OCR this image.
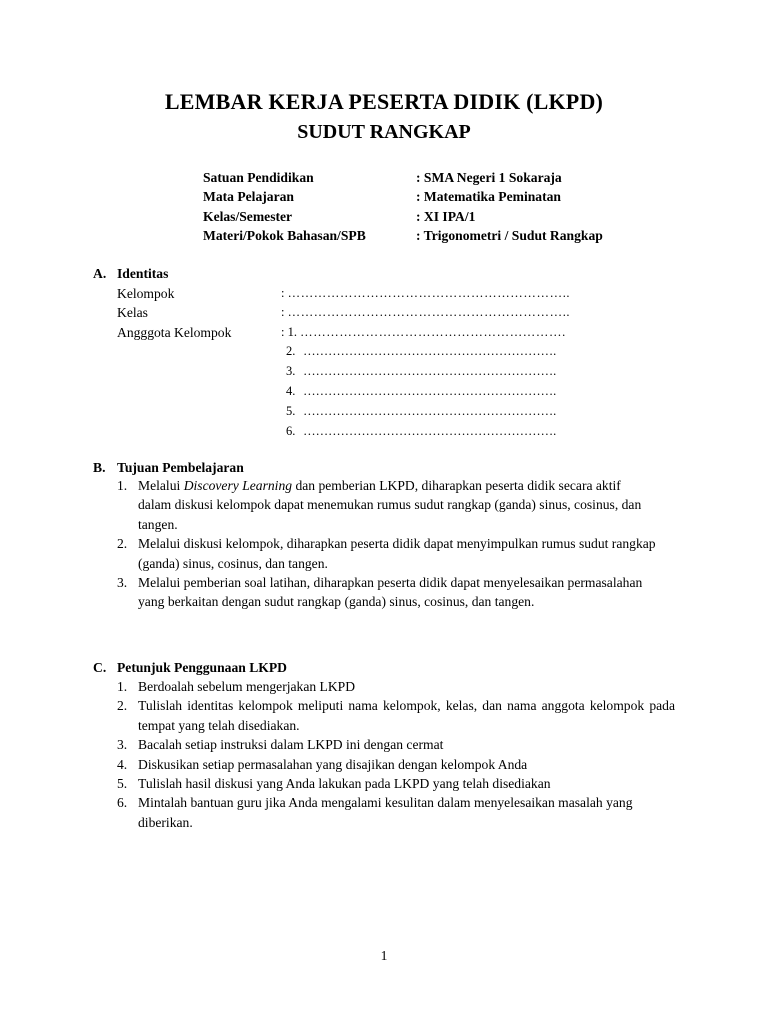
LEMBAR KERJA PESERTA DIDIK (LKPD)
SUDUT RANGKAP
Satuan Pendidikan	: SMA Negeri 1 Sokaraja
Mata Pelajaran	: Matematika Peminatan
Kelas/Semester	: XI IPA/1
Materi/Pokok Bahasan/SPB	: Trigonometri / Sudut Rangkap
A. Identitas
Kelompok	: ………………………………………………………..
Kelas	: ………………………………………………………..
Angggota Kelompok	: 1. …………………………………………………….
2. …………………………………………………….
3. …………………………………………………….
4. …………………………………………………….
5. …………………………………………………….
6. …………………………………………………….
B. Tujuan Pembelajaran
1. Melalui Discovery Learning dan pemberian LKPD, diharapkan peserta didik secara aktif dalam diskusi kelompok dapat menemukan rumus sudut rangkap (ganda) sinus, cosinus, dan tangen.
2. Melalui diskusi kelompok, diharapkan peserta didik dapat menyimpulkan rumus sudut rangkap (ganda) sinus, cosinus, dan tangen.
3. Melalui pemberian soal latihan, diharapkan peserta didik dapat menyelesaikan permasalahan yang berkaitan dengan sudut rangkap (ganda) sinus, cosinus, dan tangen.
C. Petunjuk Penggunaan LKPD
1. Berdoalah sebelum mengerjakan LKPD
2. Tulislah identitas kelompok meliputi nama kelompok, kelas, dan nama anggota kelompok pada tempat yang telah disediakan.
3. Bacalah setiap instruksi dalam LKPD ini dengan cermat
4. Diskusikan setiap permasalahan yang disajikan dengan kelompok Anda
5. Tulislah hasil diskusi yang Anda lakukan pada LKPD yang telah disediakan
6. Mintalah bantuan guru jika Anda mengalami kesulitan dalam menyelesaikan masalah yang diberikan.
1
